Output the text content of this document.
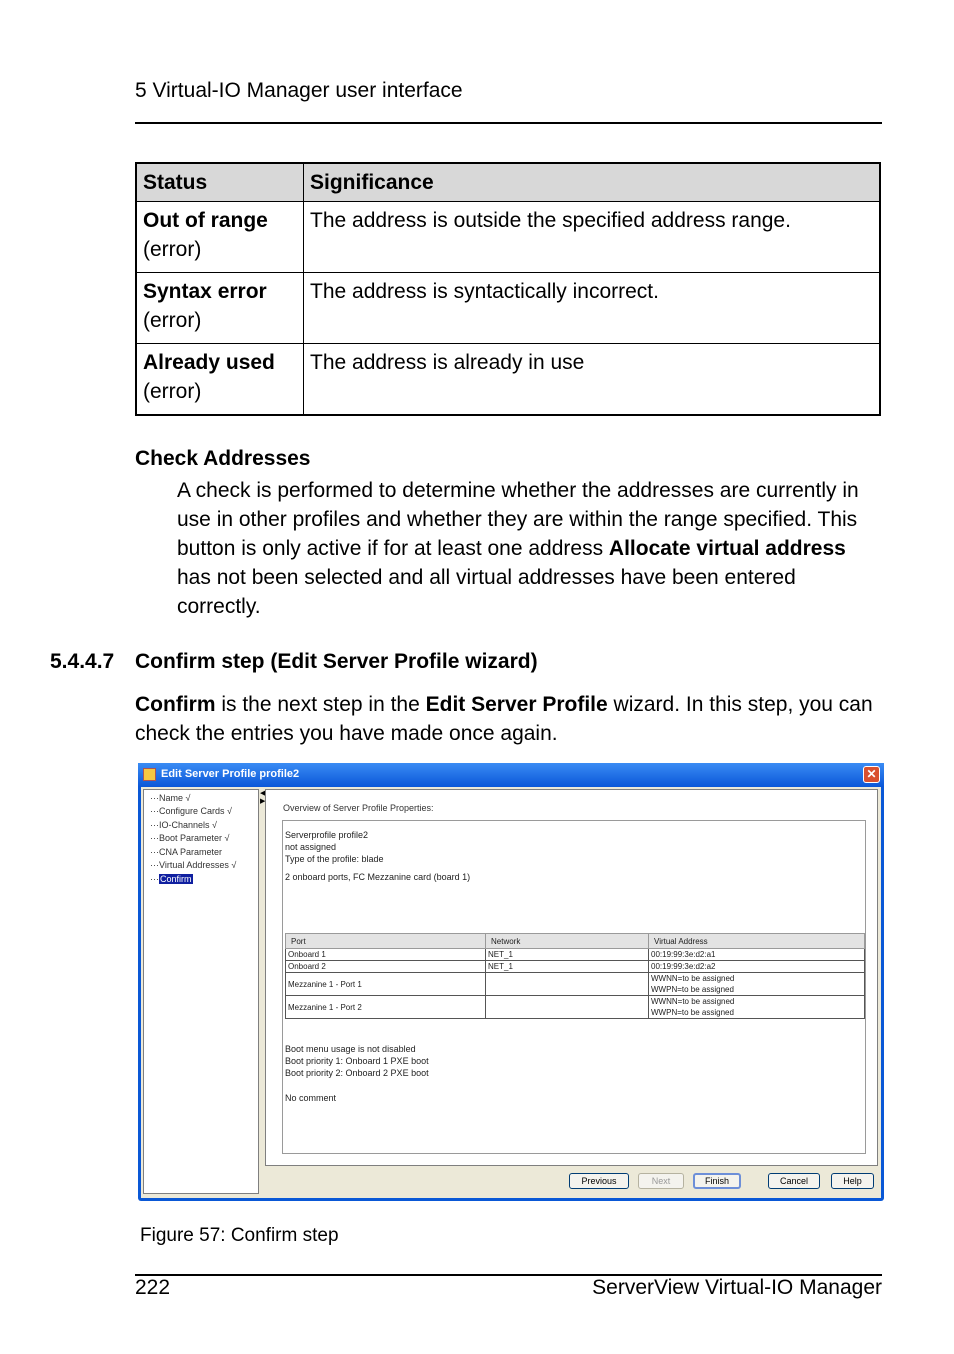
5 Virtual-IO Manager user interface
Status	Significance
Out of range
(error)	The address is outside the specified address range.
Syntax error
(error)	The address is syntactically incorrect.
Already used
(error)	The address is already in use
Check Addresses
A check is performed to determine whether the addresses are currently in use in other profiles and whether they are within the range specified. This button is only active if for at least one address Allocate virtual address has not been selected and all virtual addresses have been entered correctly.
5.4.4.7 Confirm step (Edit Server Profile wizard)
Confirm is the next step in the Edit Server Profile wizard. In this step, you can check the entries you have made once again.
Edit Server Profile profile2	✕
···Name √
···Configure Cards √
···IO-Channels √
···Boot Parameter √
···CNA Parameter
···Virtual Addresses √
···Confirm
◀
▶
Overview of Server Profile Properties:
Serverprofile profile2
not assigned
Type of the profile: blade
2 onboard ports, FC Mezzanine card (board 1)
Port	Network	Virtual Address
Onboard 1	NET_1	00:19:99:3e:d2:a1
Onboard 2	NET_1	00:19:99:3e:d2:a2
Mezzanine 1 - Port 1		WWNN=to be assigned
WWPN=to be assigned
Mezzanine 1 - Port 2		WWNN=to be assigned
WWPN=to be assigned
Boot menu usage is not disabled
Boot priority 1: Onboard 1 PXE boot
Boot priority 2: Onboard 2 PXE boot
No comment
Previous	Next	Finish	Cancel	Help
Figure 57: Confirm step
222	ServerView Virtual-IO Manager
